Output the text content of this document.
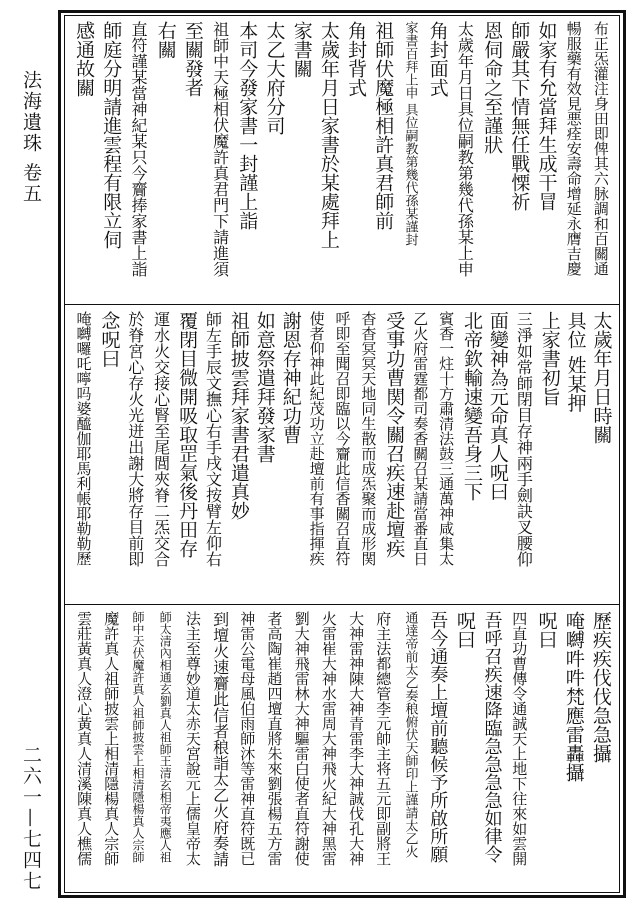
法海遺珠 卷五
二六一—七四七
布正炁灌注身田即俾其六脉調和百關通
暢服藥有效見悪痊安壽命增延永膺吉慶
如家有允當拜生成干冒
師嚴其下情無任戰慄祈
恩伺命之至謹狀
太歲年月日具位嗣教第幾代孫某上申
角封面式
家書百拜上申 具位嗣教第幾代孫某謹封
祖師伏魔極相許真君師前
角封背式
太歲年月日家書於某處拜上
家書關
太乙大府分司
本司今發家書一封謹上詣
祖師中天極相伏魔許真君門下請進須
至關發者
右關
直符謹某當神紀某只今齎捧家書上詣
師庭分明請進雲程有限立伺
感通故關
太歲年月日時關
具位 姓某押
上家書初旨
三淨如常師閉目存神兩手劍訣叉腰仰
面變神為元命真人呪曰
北帝欽輸速變吾身三下
賓香一炷十方肅清法鼓三通萬神咸集太
乙火府雷霆都司奏香關召某請當番直日
受事功曹関令關召疾速赴壇疾
杳杳冥冥天地同生散而成炁聚而成形関
呼即至聞召即臨以今齎此信香關召直符
使者仰神此紀茂功立赴壇前有事指揮疾
謝恩存神紀功曹
如意祭遣拜發家書
祖師披雲拜家書君遣真妙
師左手辰文撫心右手戌文按臂左仰右
覆閉目微開吸取罡氣後丹田存
運水火交接心腎至尾閭夾脊二炁交合
於脊宮心存火光迸出謝大將存目前即
念呪曰
唵嚩囉吒嚀吗婆醯伽耶馬利帳耶勒勒歷
歷疾疾伐伐急急攝
唵嚩吽吽梵應雷轟攝
呪曰
四直功曹傳令通誠天上地下往來如雲開
吾呼召疾速降臨急急急急如律令
呪曰
吾今通奏上壇前聽候予所啟所願
通達帝前太乙奏稂俯伏天師印上謹請太乙火
府主法都總管李元帥主将五元即副將王
大神雷神陳大神青雷李大神誠伐孔大神
火雷崔大神水雷周大神飛火紀大神黑雷
劉大神飛雷林大神驅雷白使者直符謝使
者高陶崔趙四壇直將朱來劉張楊五方雷
神雷公電母風伯雨師沐等雷神直符既已
到壇火速齎此信者稂詣太乙火府奏請
法主至尊妙道太赤天宮說元上儒皇帝太
師太清內相通玄劉真人祖師王清玄相帝夷應人祖
師中天伏魔許真人祖師披雲上相清隱楊真人宗師
魔許真人祖師披雲上相清隱楊真人宗師
雲莊黃真人澄心黃真人清溪陳真人樵儒
